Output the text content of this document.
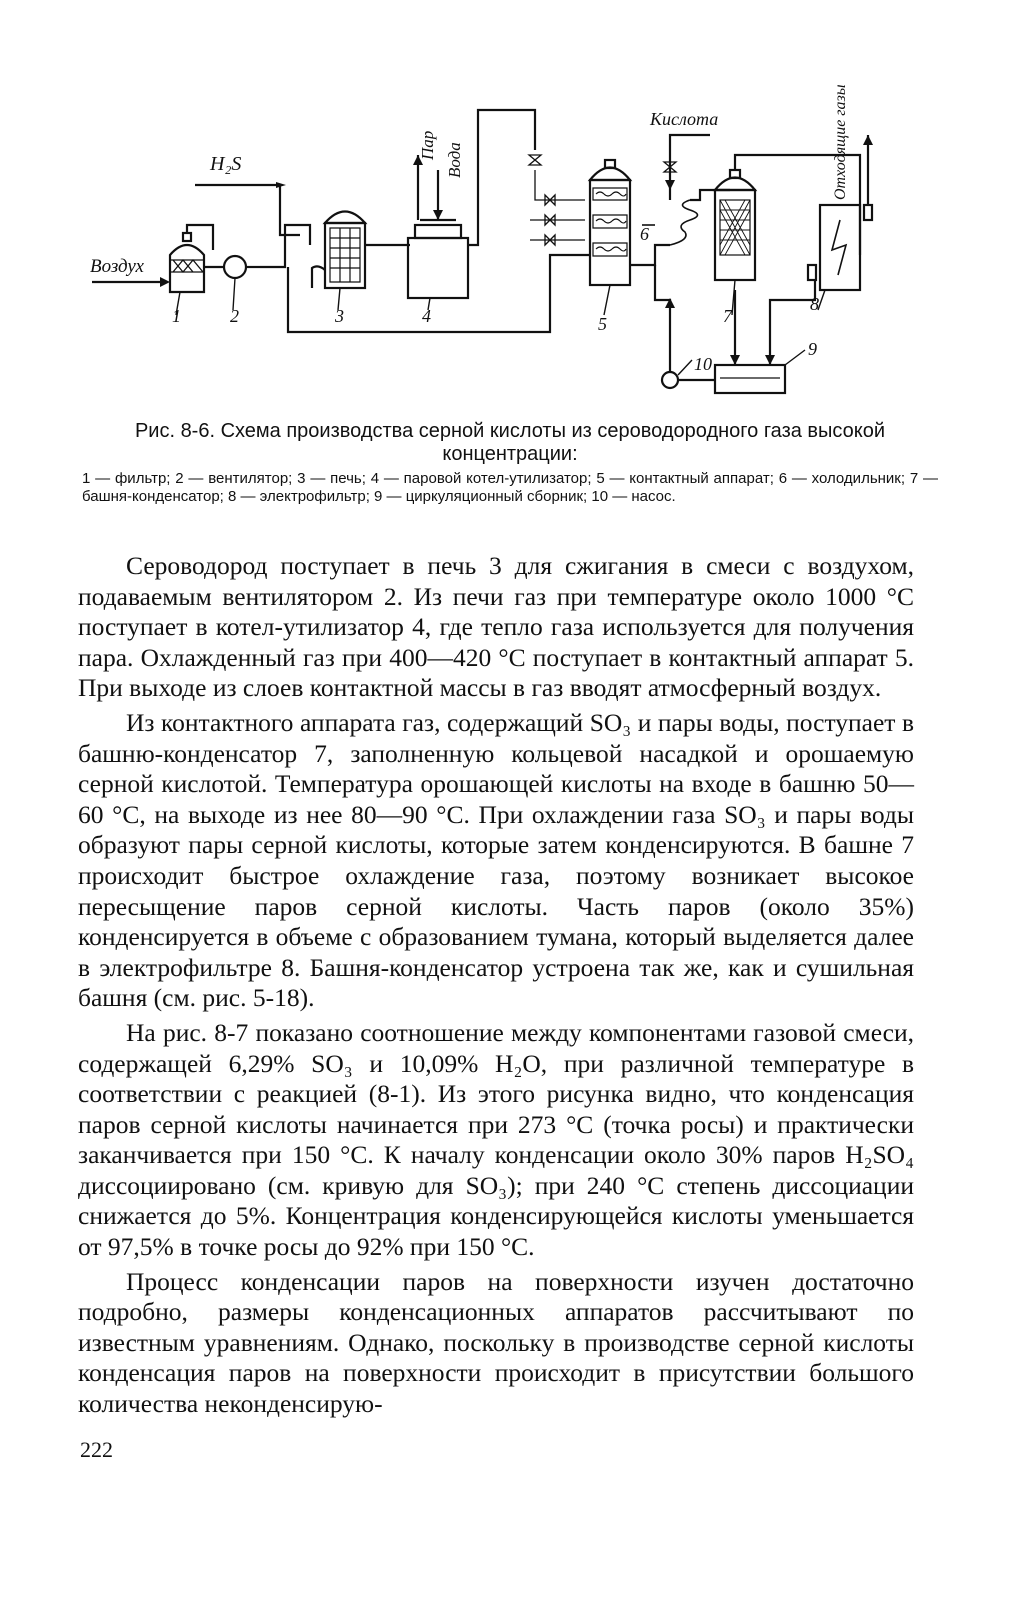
H₂S
Воздух
Пар Вода
Кислота	Отходящие газы
1	2	3	4	5
6
7
8
9
10

Рис. 8-6. Схема производства серной кислоты из сероводородного газа высокой концентрации:

1 — фильтр; 2 — вентилятор; 3 — печь; 4 — паровой котел-утилизатор; 5 — контактный аппарат; 6 — холодильник; 7 — башня-конденсатор; 8 — электрофильтр; 9 — циркуляционный сборник; 10 — насос.

Сероводород поступает в печь 3 для сжигания в смеси с воздухом, подаваемым вентилятором 2. Из печи газ при температуре около 1000 °С поступает в котел-утилизатор 4, где тепло газа используется для получения пара. Охлажденный газ при 400—420 °С поступает в контактный аппарат 5. При выходе из слоев контактной массы в газ вводят атмосферный воздух.

Из контактного аппарата газ, содержащий SO₃ и пары воды, поступает в башню-конденсатор 7, заполненную кольцевой насадкой и орошаемую серной кислотой. Температура орошающей кислоты на входе в башню 50—60 °С, на выходе из нее 80—90 °С. При охлаждении газа SO₃ и пары воды образуют пары серной кислоты, которые затем конденсируются. В башне 7 происходит быстрое охлаждение газа, поэтому возникает высокое пересыщение паров серной кислоты. Часть паров (около 35%) конденсируется в объеме с образованием тумана, который выделяется далее в электрофильтре 8. Башня-конденсатор устроена так же, как и сушильная башня (см. рис. 5-18).

На рис. 8-7 показано соотношение между компонентами газовой смеси, содержащей 6,29% SO₃ и 10,09% H₂O, при различной температуре в соответствии с реакцией (8-1). Из этого рисунка видно, что конденсация паров серной кислоты начинается при 273 °С (точка росы) и практически заканчивается при 150 °С. К началу конденсации около 30% паров H₂SO₄ диссоциировано (см. кривую для SO₃); при 240 °С степень диссоциации снижается до 5%. Концентрация конденсирующейся кислоты уменьшается от 97,5% в точке росы до 92% при 150 °С.

Процесс конденсации паров на поверхности изучен достаточно подробно, размеры конденсационных аппаратов рассчитывают по известным уравнениям. Однако, поскольку в производстве серной кислоты конденсация паров на поверхности происходит в присутствии большого количества неконденсирую-

222
